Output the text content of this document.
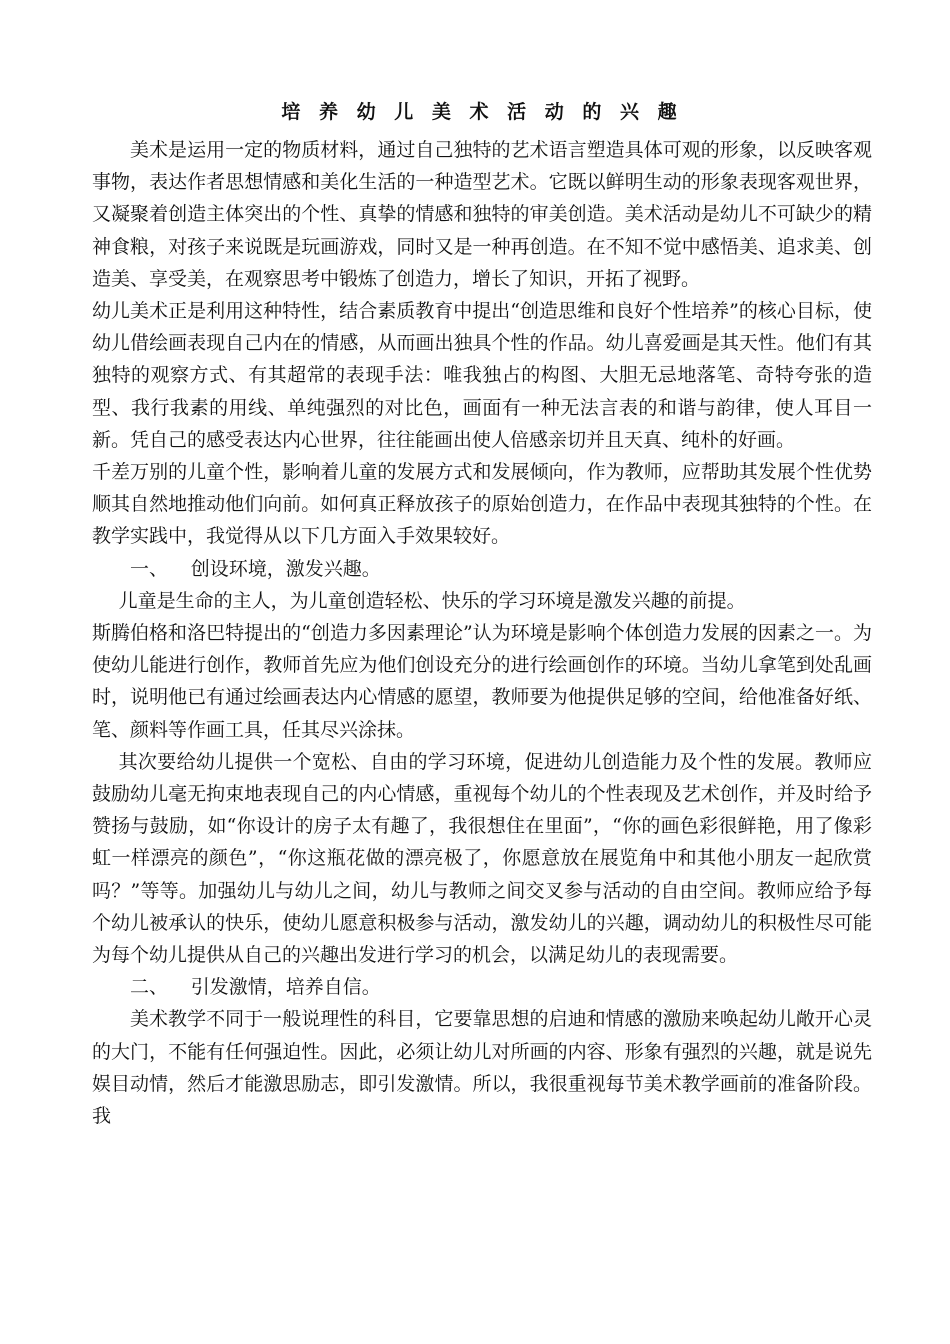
培 养 幼 儿 美 术 活 动 的 兴 趣

美术是运用一定的物质材料，通过自己独特的艺术语言塑造具体可观的形象，以反映客观事物，表达作者思想情感和美化生活的一种造型艺术。它既以鲜明生动的形象表现客观世界，又凝聚着创造主体突出的个性、真挚的情感和独特的审美创造。美术活动是幼儿不可缺少的精神食粮，对孩子来说既是玩画游戏，同时又是一种再创造。在不知不觉中感悟美、追求美、创造美、享受美，在观察思考中锻炼了创造力，增长了知识，开拓了视野。

幼儿美术正是利用这种特性，结合素质教育中提出“创造思维和良好个性培养”的核心目标，使幼儿借绘画表现自己内在的情感，从而画出独具个性的作品。幼儿喜爱画是其天性。他们有其独特的观察方式、有其超常的表现手法：唯我独占的构图、大胆无忌地落笔、奇特夸张的造型、我行我素的用线、单纯强烈的对比色，画面有一种无法言表的和谐与韵律，使人耳目一新。凭自己的感受表达内心世界，往往能画出使人倍感亲切并且天真、纯朴的好画。

千差万别的儿童个性，影响着儿童的发展方式和发展倾向，作为教师，应帮助其发展个性优势顺其自然地推动他们向前。如何真正释放孩子的原始创造力，在作品中表现其独特的个性。在教学实践中，我觉得从以下几方面入手效果较好。

一、 创设环境，激发兴趣。

儿童是生命的主人，为儿童创造轻松、快乐的学习环境是激发兴趣的前提。

斯腾伯格和洛巴特提出的“创造力多因素理论”认为环境是影响个体创造力发展的因素之一。为使幼儿能进行创作，教师首先应为他们创设充分的进行绘画创作的环境。当幼儿拿笔到处乱画时，说明他已有通过绘画表达内心情感的愿望，教师要为他提供足够的空间，给他准备好纸、笔、颜料等作画工具，任其尽兴涂抹。

其次要给幼儿提供一个宽松、自由的学习环境，促进幼儿创造能力及个性的发展。教师应鼓励幼儿毫无拘束地表现自己的内心情感，重视每个幼儿的个性表现及艺术创作，并及时给予赞扬与鼓励，如“你设计的房子太有趣了，我很想住在里面”，“你的画色彩很鲜艳，用了像彩虹一样漂亮的颜色”，“你这瓶花做的漂亮极了，你愿意放在展览角中和其他小朋友一起欣赏吗？”等等。加强幼儿与幼儿之间，幼儿与教师之间交叉参与活动的自由空间。教师应给予每个幼儿被承认的快乐，使幼儿愿意积极参与活动，激发幼儿的兴趣，调动幼儿的积极性尽可能为每个幼儿提供从自己的兴趣出发进行学习的机会，以满足幼儿的表现需要。

二、 引发激情，培养自信。

美术教学不同于一般说理性的科目，它要靠思想的启迪和情感的激励来唤起幼儿敞开心灵的大门，不能有任何强迫性。因此，必须让幼儿对所画的内容、形象有强烈的兴趣，就是说先娱目动情，然后才能激思励志，即引发激情。所以，我很重视每节美术教学画前的准备阶段。我
